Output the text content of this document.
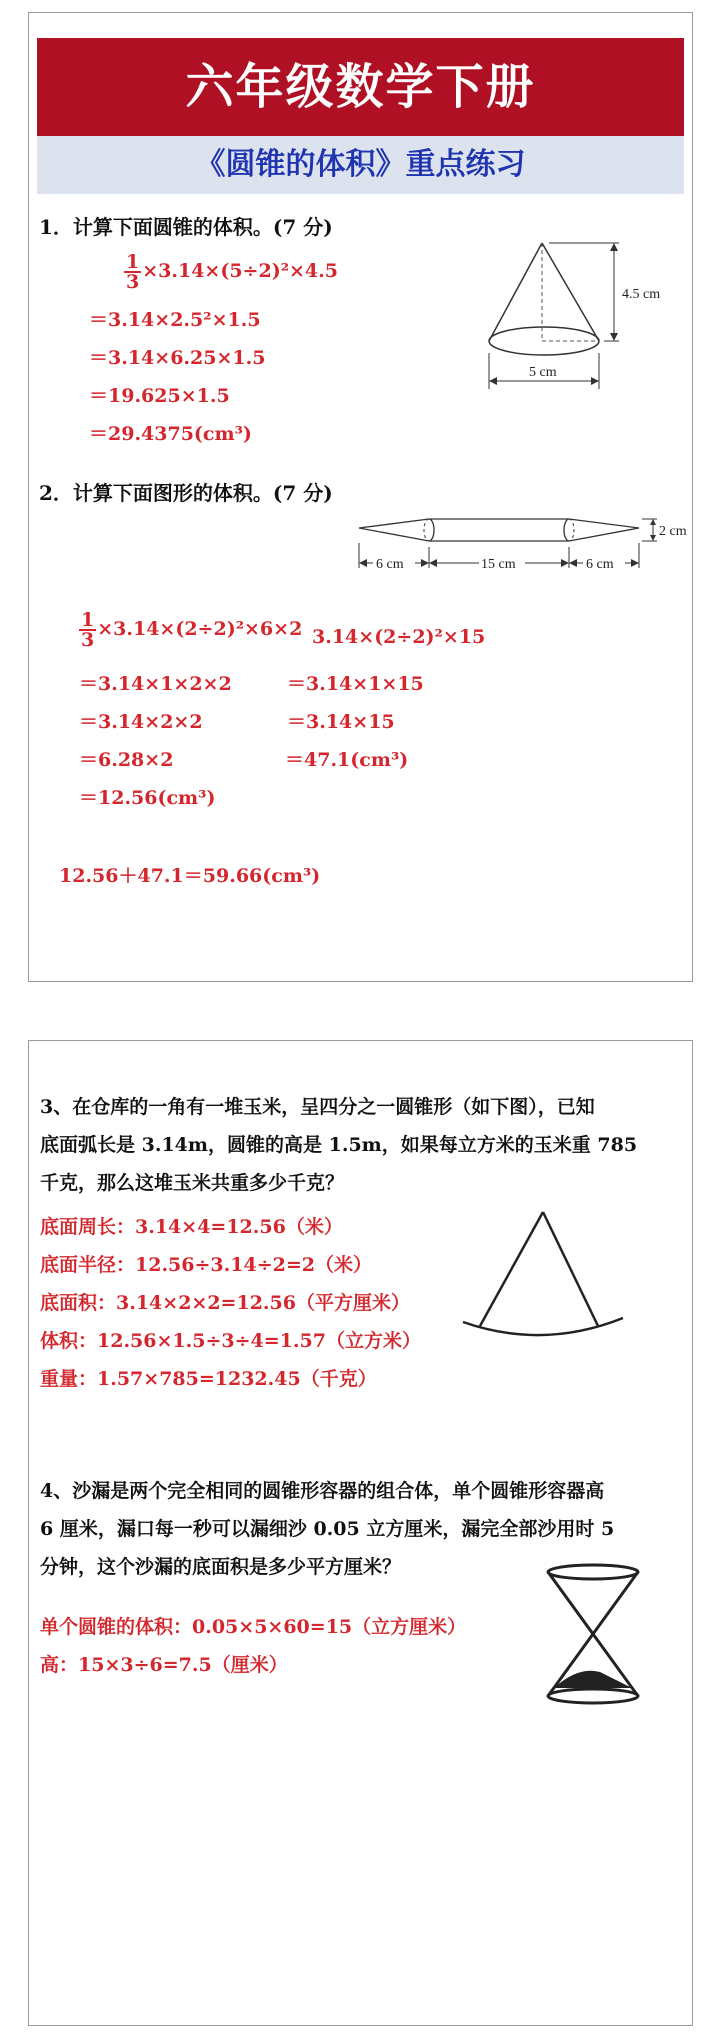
六年级数学下册
《圆锥的体积》重点练习
1．计算下面圆锥的体积。(7 分)
$\frac{1}{3} \times 3.14\times(5\div 2)^2\times 4.5$
＝3.14×2.5²×1.5
＝3.14×6.25×1.5
＝19.625×1.5
＝29.4375(cm³)
4.5 cm
5 cm
2．计算下面图形的体积。(7 分)
2 cm
6 cm	15 cm	6 cm
$\frac{1}{3} \times 3.14\times(2\div 2)^2\times 6\times 2$ 3.14×(2÷2)²×15
＝3.14×1×2×2	＝3.14×1×15
＝3.14×2×2	＝3.14×15
＝6.28×2	＝47.1(cm³)
＝12.56(cm³)
12.56＋47.1＝59.66(cm³)
3、在仓库的一角有一堆玉米，呈四分之一圆锥形（如下图），已知
底面弧长是 3.14m，圆锥的高是 1.5m，如果每立方米的玉米重 785
千克，那么这堆玉米共重多少千克？
底面周长：3.14×4=12.56（米）
底面半径：12.56÷3.14÷2=2（米）
底面积：3.14×2×2=12.56（平方厘米）
体积：12.56×1.5÷3÷4=1.57（立方米）
重量：1.57×785=1232.45（千克）
4、沙漏是两个完全相同的圆锥形容器的组合体，单个圆锥形容器高
6 厘米，漏口每一秒可以漏细沙 0.05 立方厘米，漏完全部沙用时 5
分钟，这个沙漏的底面积是多少平方厘米？
单个圆锥的体积：0.05×5×60=15（立方厘米）
高：15×3÷6=7.5（厘米）
